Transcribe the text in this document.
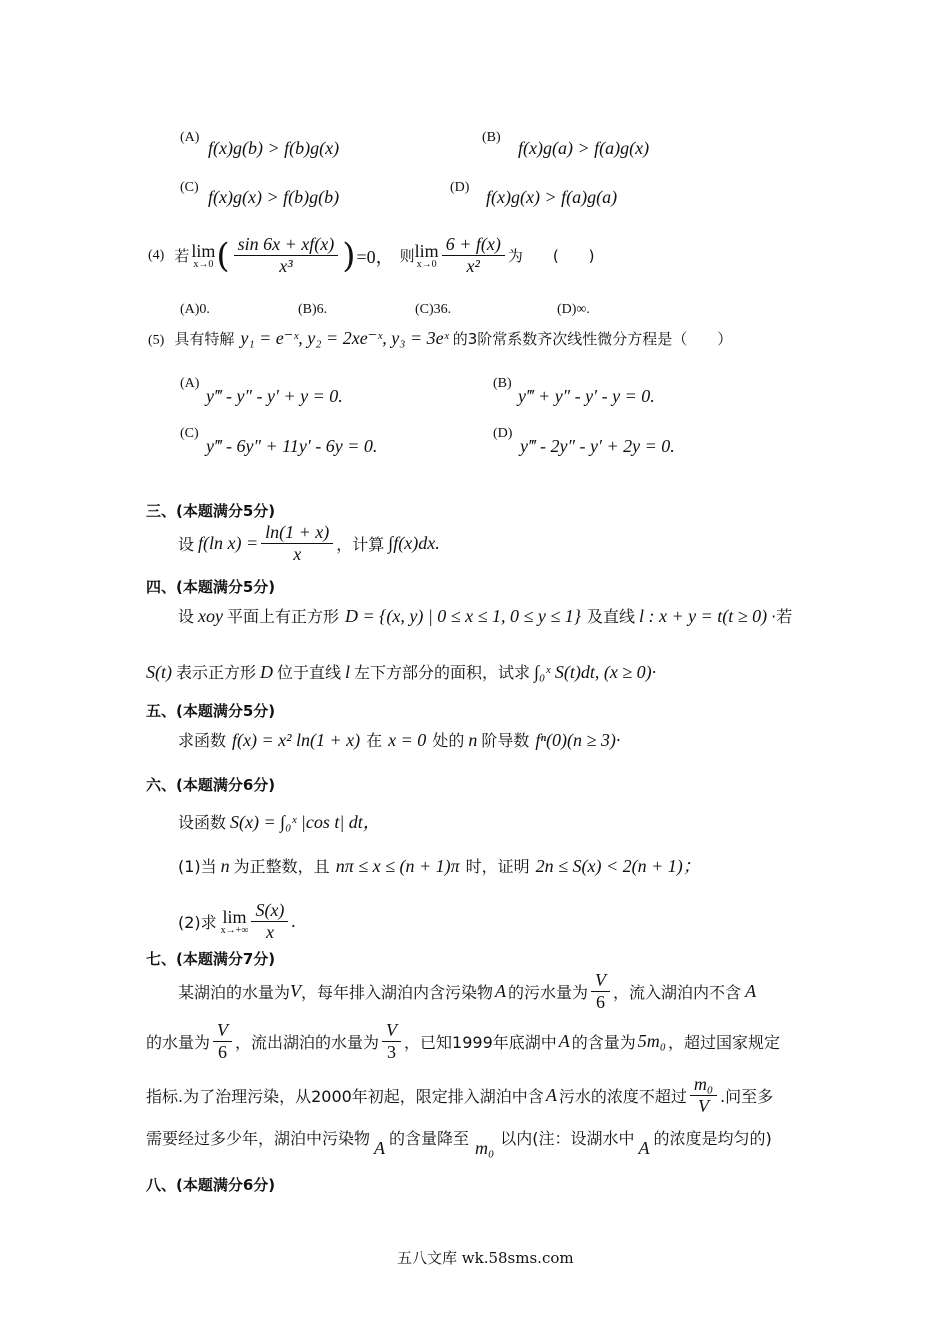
(A)
f(x)g(b) > f(b)g(x)
(B)
f(x)g(a) > f(a)g(x)
(C) f(x)g(x) > f(b)g(b)	(D) f(x)g(x) > f(a)g(a)
(4) 若 lim
x→0 ( $\frac{\sin 6x + xf(x)}{\text{x³}}$ ) =0， 则 lim
$x\to 0 \frac{6 + f(x)}{\text{x²}}$ 为 (　　)
(A)0.	(B)6.	(C)36.	(D)∞.
(5) 具有特解 y₁ = e⁻ˣ, y₂ = 2xe⁻ˣ, y₃ = 3eˣ 的3阶常系数齐次线性微分方程是（　　）
(A)
y‴ - y″ - y′ + y = 0.
(B)
y‴ + y″ - y′ - y = 0.
(C)
y‴ - 6y″ + 11y′ - 6y = 0.
(D)
y‴ - 2y″ - y′ + 2y = 0.
三、(本题满分5分)
设 f(ln $x) = \frac{\ln(1 + x)}{x}$ ，计算 ∫f(x)dx.
四、(本题满分5分)
设 xoy 平面上有正方形 D = {(x, y) | 0 ≤ x ≤ 1, 0 ≤ y ≤ 1} 及直线 l : x + y = t(t ≥ 0) ·若
S(t) 表示正方形 D 位于直线 l 左下方部分的面积，试求 ∫₀ˣ S(t)dt, (x ≥ 0)·
五、(本题满分5分)
求函数 f(x) = x² ln(1 + x) 在 x = 0 处的 n 阶导数 fⁿ(0)(n ≥ 3)·
六、(本题满分6分)
设函数 S(x) = ∫₀ˣ |cos t| dt，
(1)当 n 为正整数，且 nπ ≤ x ≤ (n + 1)π 时，证明 2n ≤ S(x) < 2(n + 1)；
(2)求 lim
$x\to+\infty \frac{S(x)}{x}$ .
七、(本题满分7分)
某湖泊的水量为 V ，每年排入湖泊内含污染物 A 的污水量为 $\frac{V}{6}$ ，流入湖泊内不含 A
的水量为 $\frac{V}{6}$ ，流出湖泊的水量为 $\frac{V}{3}$ ，已知1999年底湖中 A 的含量为 5m₀ ，超过国家规定
指标.为了治理污染，从2000年初起，限定排入湖泊中含 A 污水的浓度不超过 $\frac{\text{m₀}}{V}$ .问至多
需要经过多少年，湖泊中污染物 A 的含量降至 m₀ 以内(注：设湖水中 A 的浓度是均匀的)
八、(本题满分6分)
五八文库 wk.58sms.com
